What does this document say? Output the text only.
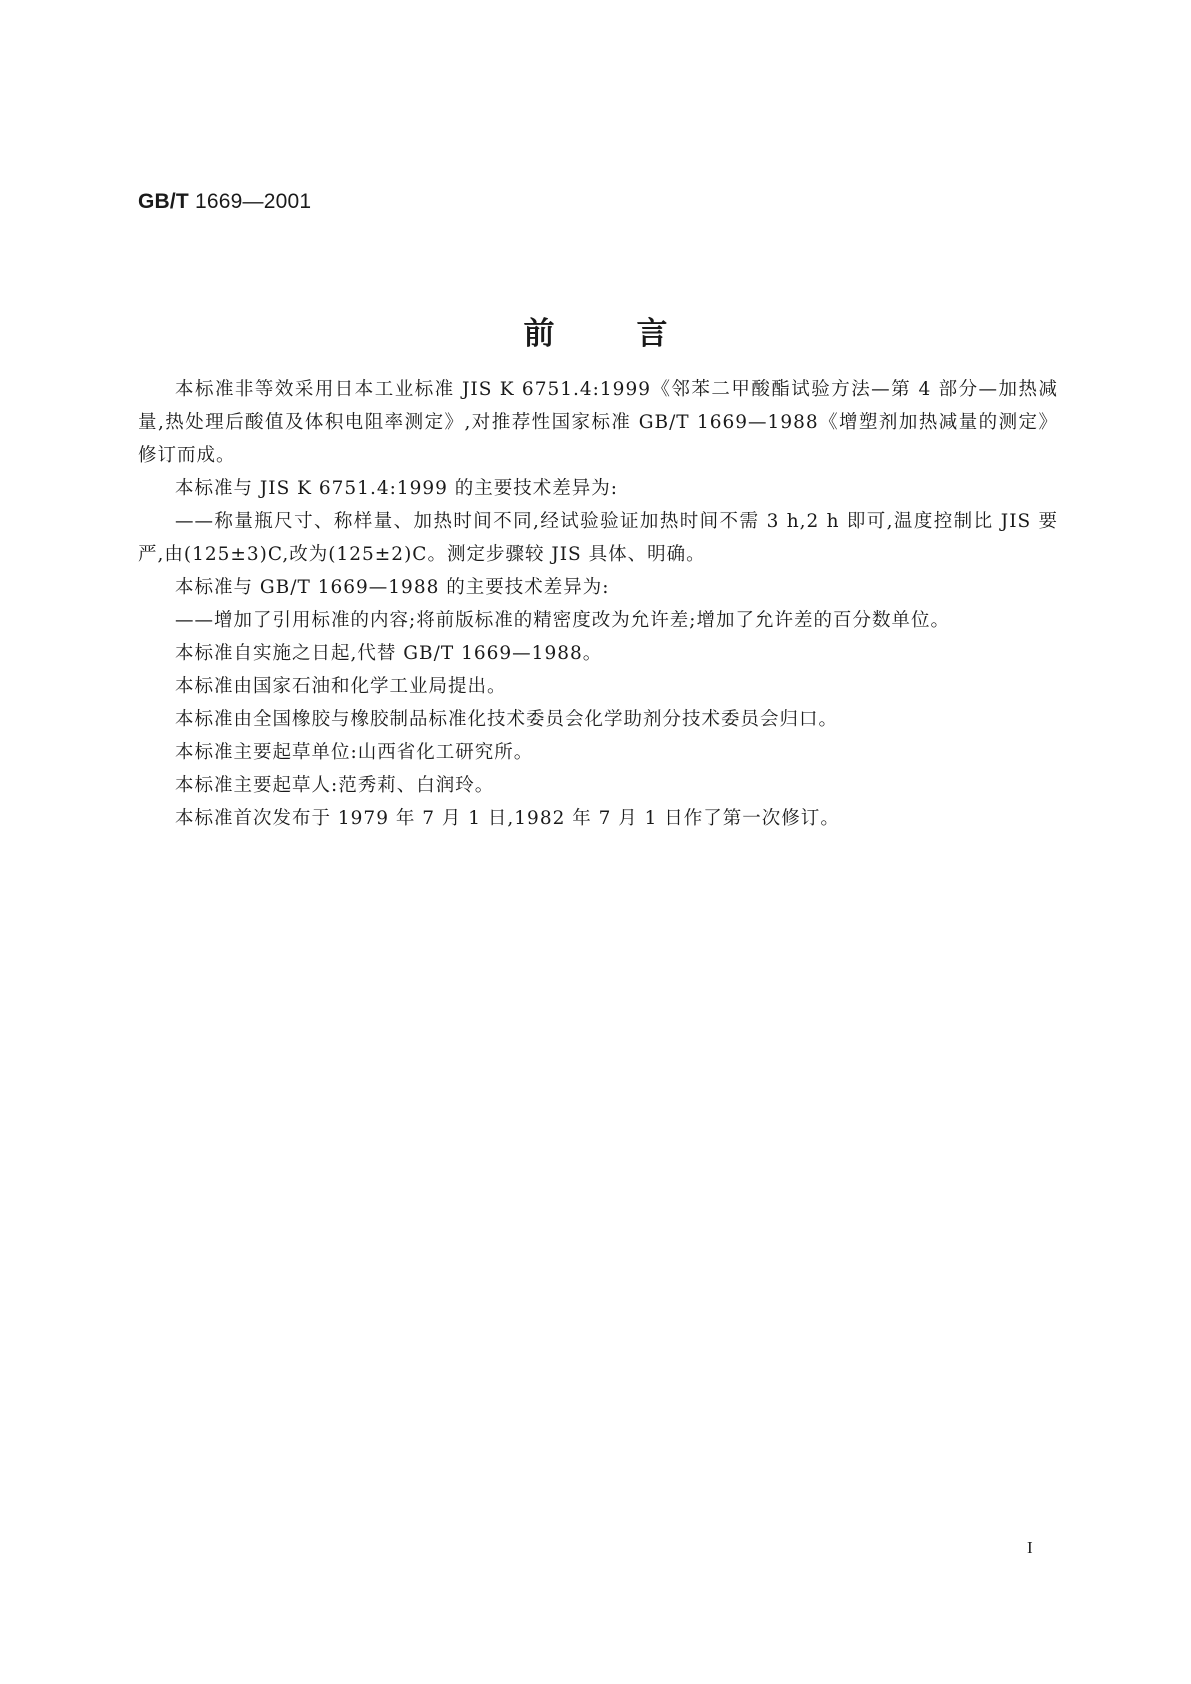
GB/T 1669—2001
前言

本标准非等效采用日本工业标准 JIS K 6751.4:1999《邻苯二甲酸酯试验方法—第 4 部分—加热减量,热处理后酸值及体积电阻率测定》,对推荐性国家标准 GB/T 1669—1988《增塑剂加热减量的测定》修订而成。

本标准与 JIS K 6751.4:1999 的主要技术差异为:

——称量瓶尺寸、称样量、加热时间不同,经试验验证加热时间不需 3 h,2 h 即可,温度控制比 JIS 要严,由(125±3)C,改为(125±2)C。测定步骤较 JIS 具体、明确。

本标准与 GB/T 1669—1988 的主要技术差异为:

——增加了引用标准的内容;将前版标准的精密度改为允许差;增加了允许差的百分数单位。

本标准自实施之日起,代替 GB/T 1669—1988。

本标准由国家石油和化学工业局提出。

本标准由全国橡胶与橡胶制品标准化技术委员会化学助剂分技术委员会归口。

本标准主要起草单位:山西省化工研究所。

本标准主要起草人:范秀莉、白润玲。

本标准首次发布于 1979 年 7 月 1 日,1982 年 7 月 1 日作了第一次修订。

I
